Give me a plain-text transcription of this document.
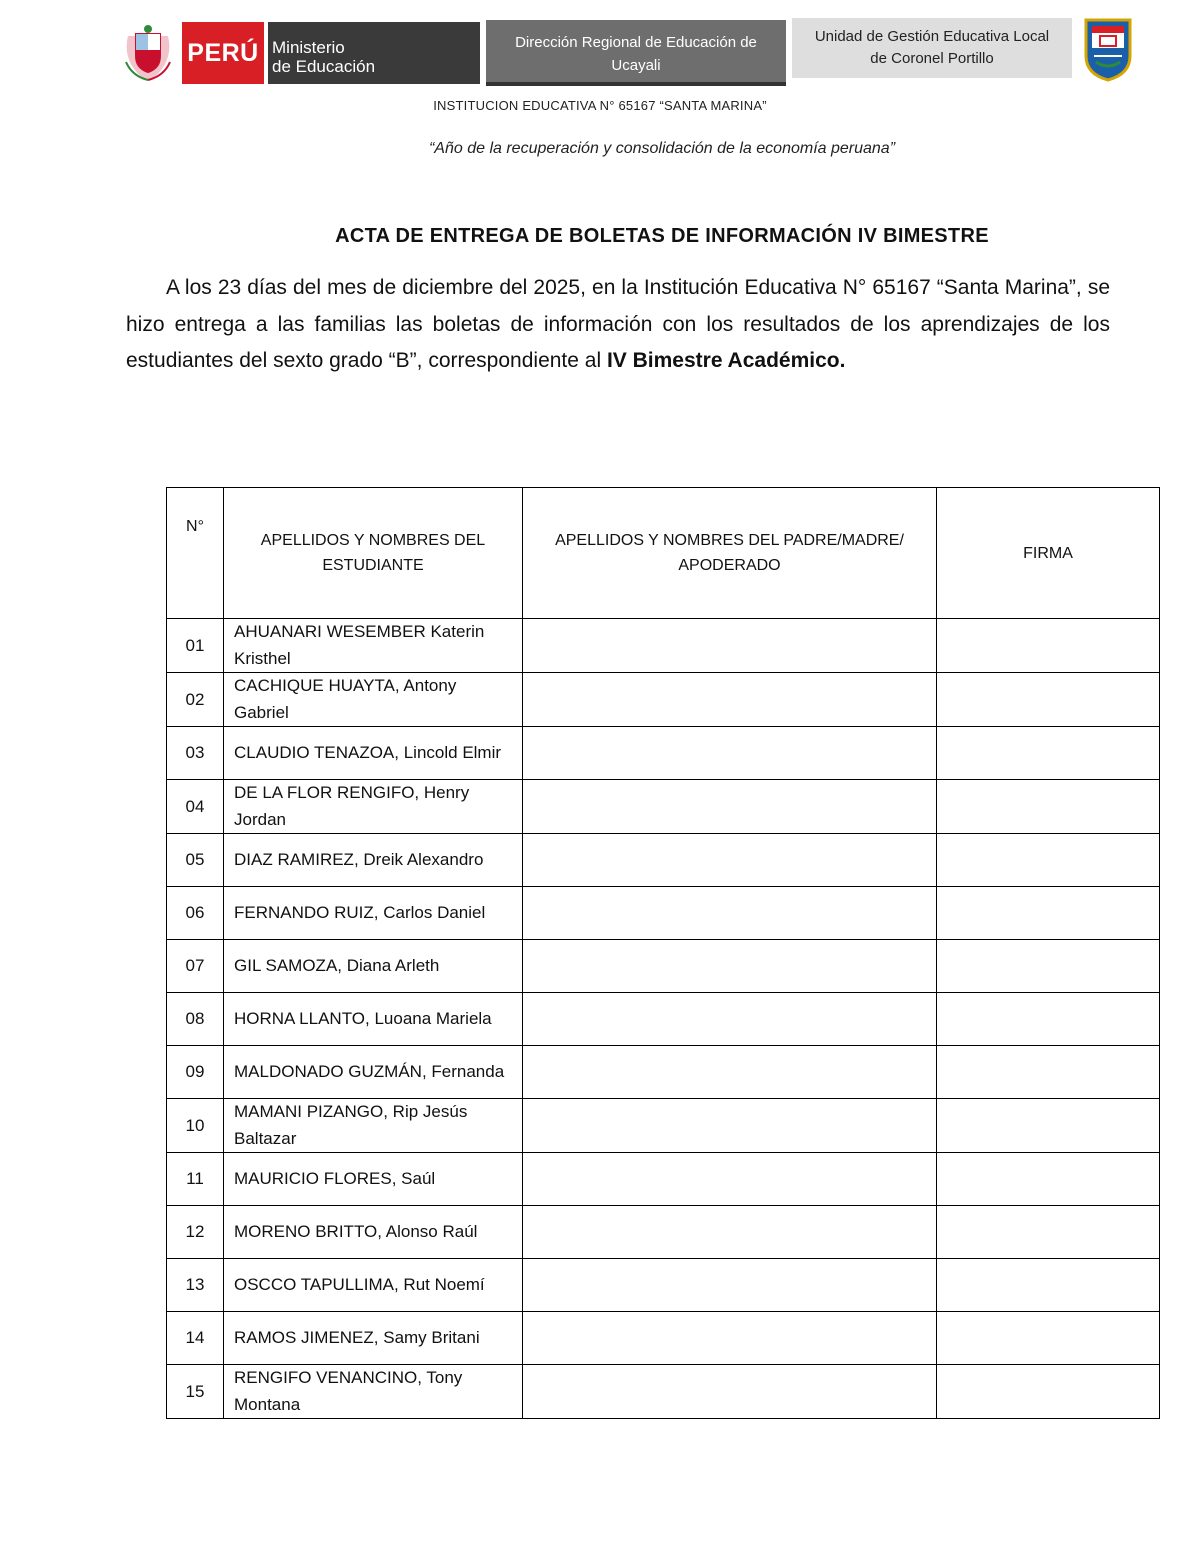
PERÚ Ministerio
de Educación
Dirección Regional de Educación de
Ucayali
Unidad de Gestión Educativa Local
de Coronel Portillo
INSTITUCION EDUCATIVA N° 65167 “SANTA MARINA”
“Año de la recuperación y consolidación de la economía peruana”
ACTA DE ENTREGA DE BOLETAS DE INFORMACIÓN IV BIMESTRE
A los 23 días del mes de diciembre del 2025, en la Institución Educativa N° 65167 “Santa Marina”, se hizo entrega a las familias las boletas de información con los resultados de los aprendizajes de los estudiantes del sexto grado “B”, correspondiente al IV Bimestre Académico.
N°	APELLIDOS Y NOMBRES DEL ESTUDIANTE	APELLIDOS Y NOMBRES DEL PADRE/MADRE/ APODERADO	FIRMA
01	AHUANARI WESEMBER Katerin Kristhel		
02	CACHIQUE HUAYTA, Antony Gabriel		
03	CLAUDIO TENAZOA, Lincold Elmir		
04	DE LA FLOR RENGIFO, Henry Jordan		
05	DIAZ RAMIREZ, Dreik Alexandro		
06	FERNANDO RUIZ, Carlos Daniel		
07	GIL SAMOZA, Diana Arleth		
08	HORNA LLANTO, Luoana Mariela		
09	MALDONADO GUZMÁN, Fernanda		
10	MAMANI PIZANGO, Rip Jesús Baltazar		
11	MAURICIO FLORES, Saúl		
12	MORENO BRITTO, Alonso Raúl		
13	OSCCO TAPULLIMA, Rut Noemí		
14	RAMOS JIMENEZ, Samy Britani		
15	RENGIFO VENANCINO, Tony Montana		
